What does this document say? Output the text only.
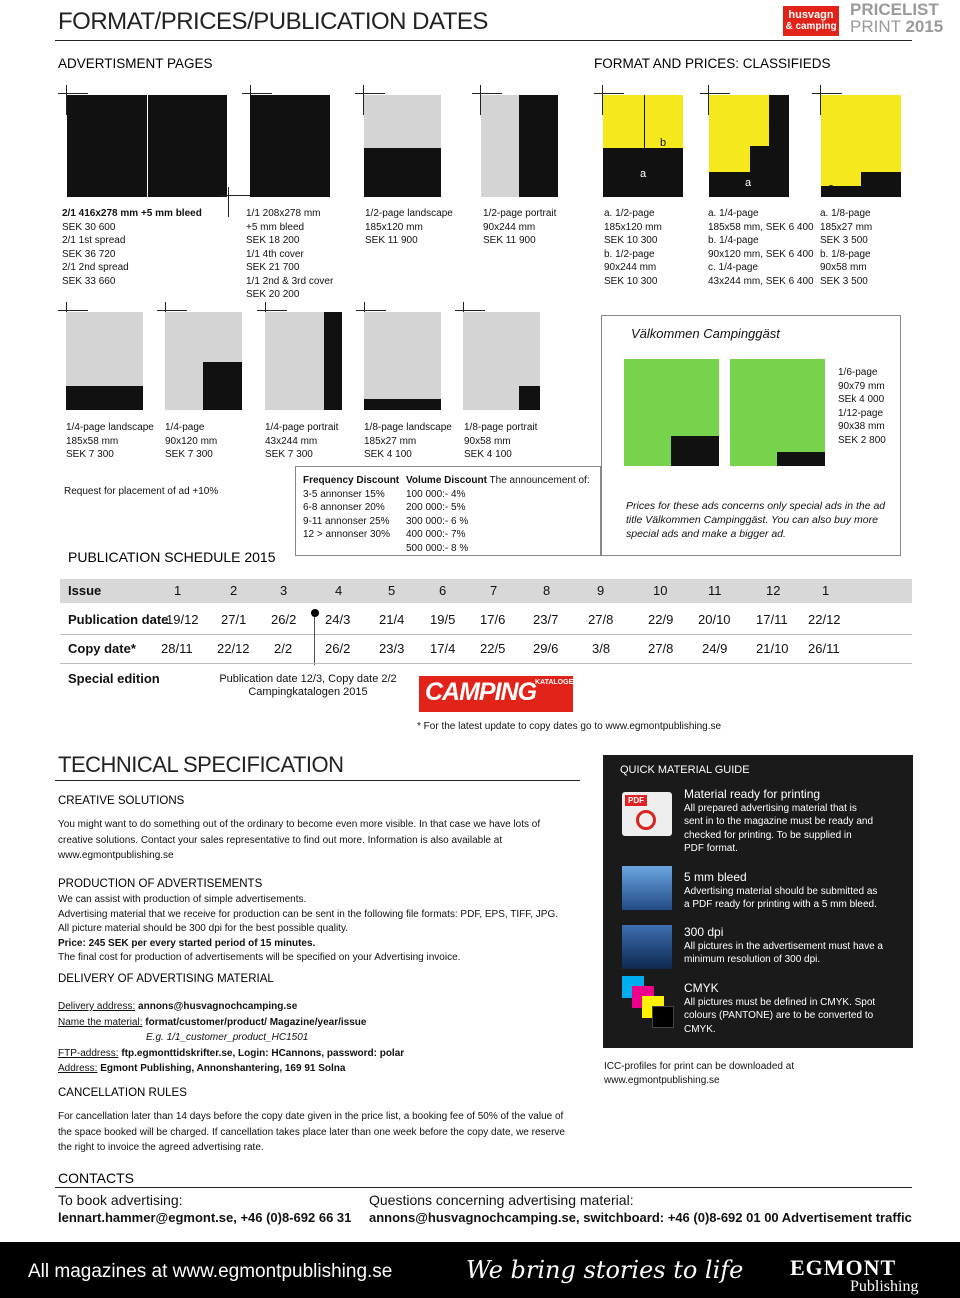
FORMAT/PRICES/PUBLICATION DATES	husvagn
& camping
PRICELIST
PRINT 2015
ADVERTISMENT PAGES	FORMAT AND PRICES: CLASSIFIEDS
a
b
a
b
c
a
b
2/1 416x278 mm +5 mm bleed
SEK 30 600
2/1 1st spread
SEK 36 720
2/1 2nd spread
SEK 33 660
1/1 208x278 mm
+5 mm bleed
SEK 18 200
1/1 4th cover
SEK 21 700
1/1 2nd & 3rd cover
SEK 20 200
1/2-page landscape
185x120 mm
SEK 11 900
1/2-page portrait
90x244 mm
SEK 11 900
a. 1/2-page
185x120 mm
SEK 10 300
b. 1/2-page
90x244 mm
SEK 10 300
a. 1/4-page
185x58 mm, SEK 6 400
b. 1/4-page
90x120 mm, SEK 6 400
c. 1/4-page
43x244 mm, SEK 6 400
a. 1/8-page
185x27 mm
SEK 3 500
b. 1/8-page
90x58 mm
SEK 3 500
1/4-page landscape
185x58 mm
SEK 7 300
1/4-page
90x120 mm
SEK 7 300
1/4-page portrait
43x244 mm
SEK 7 300
1/8-page landscape
185x27 mm
SEK 4 100
1/8-page portrait
90x58 mm
SEK 4 100
Välkommen Campinggäst
1/6-page
90x79 mm
SEk 4 000
1/12-page
90x38 mm
SEK 2 800
Prices for these ads concerns only special ads in the ad title Välkommen Campinggäst. You can also buy more special ads and make a bigger ad.
Request for placement of ad +10%
Frequency Discount
3-5 annonser 15%
6-8 annonser 20%
9-11 annonser 25%
12 > annonser 30%
Volume Discount The announcement of:
100 000:- 4%
200 000:- 5%
300 000:- 6 %
400 000:- 7%
500 000:- 8 %
PUBLICATION SCHEDULE 2015
Issue	1	2	3	4	5	6	7	8	9	10	11	12	1
Publication date
19/12 27/1 26/2 24/3 21/4 19/5 17/6 23/7 27/8	22/9 20/10 17/11 22/12
Copy date* 28/11 22/12 2/2	26/2 23/3 17/4 22/5 29/6	3/8	27/8 24/9 21/10 26/11
Special edition	Publication date 12/3, Copy date 2/2
Campingkatalogen 2015	CAMPING
KATALOGEN
* For the latest update to copy dates go to www.egmontpublishing.se
TECHNICAL SPECIFICATION
CREATIVE SOLUTIONS
You might want to do something out of the ordinary to become even more visible. In that case we have lots of
creative solutions. Contact your sales representative to find out more. Information is also available at
www.egmontpublishing.se
PRODUCTION OF ADVERTISEMENTS
We can assist with production of simple advertisements.
Advertising material that we receive for production can be sent in the following file formats: PDF, EPS, TIFF, JPG.
All picture material should be 300 dpi for the best possible quality.
Price: 245 SEK per every started period of 15 minutes.
The final cost for production of advertisements will be specified on your Advertising invoice.
DELIVERY OF ADVERTISING MATERIAL
Delivery address: annons@husvagnochcamping.se
Name the material: format/customer/product/ Magazine/year/issue
E.g. 1/1_customer_product_HC1501
FTP-address: ftp.egmonttidskrifter.se, Login: HCannons, password: polar
Address: Egmont Publishing, Annonshantering, 169 91 Solna
CANCELLATION RULES
For cancellation later than 14 days before the copy date given in the price list, a booking fee of 50% of the value of
the space booked will be charged. If cancellation takes place later than one week before the copy date, we reserve
the right to invoice the agreed advertising rate.
QUICK MATERIAL GUIDE
PDF	Material ready for printing
All prepared advertising material that is
sent in to the magazine must be ready and
checked for printing. To be supplied in
PDF format.
5 mm bleed
Advertising material should be submitted as
a PDF ready for printing with a 5 mm bleed.
300 dpi
All pictures in the advertisement must have a
minimum resolution of 300 dpi.
CMYK
All pictures must be defined in CMYK. Spot
colours (PANTONE) are to be converted to
CMYK.
ICC-profiles for print can be downloaded at
www.egmontpublishing.se
CONTACTS
To book advertising:
lennart.hammer@egmont.se, +46 (0)8-692 66 31
Questions concerning advertising material:
annons@husvagnochcamping.se, switchboard: +46 (0)8-692 01 00 Advertisement traffic
All magazines at www.egmontpublishing.se	We bring stories to life EGMONT
Publishing
